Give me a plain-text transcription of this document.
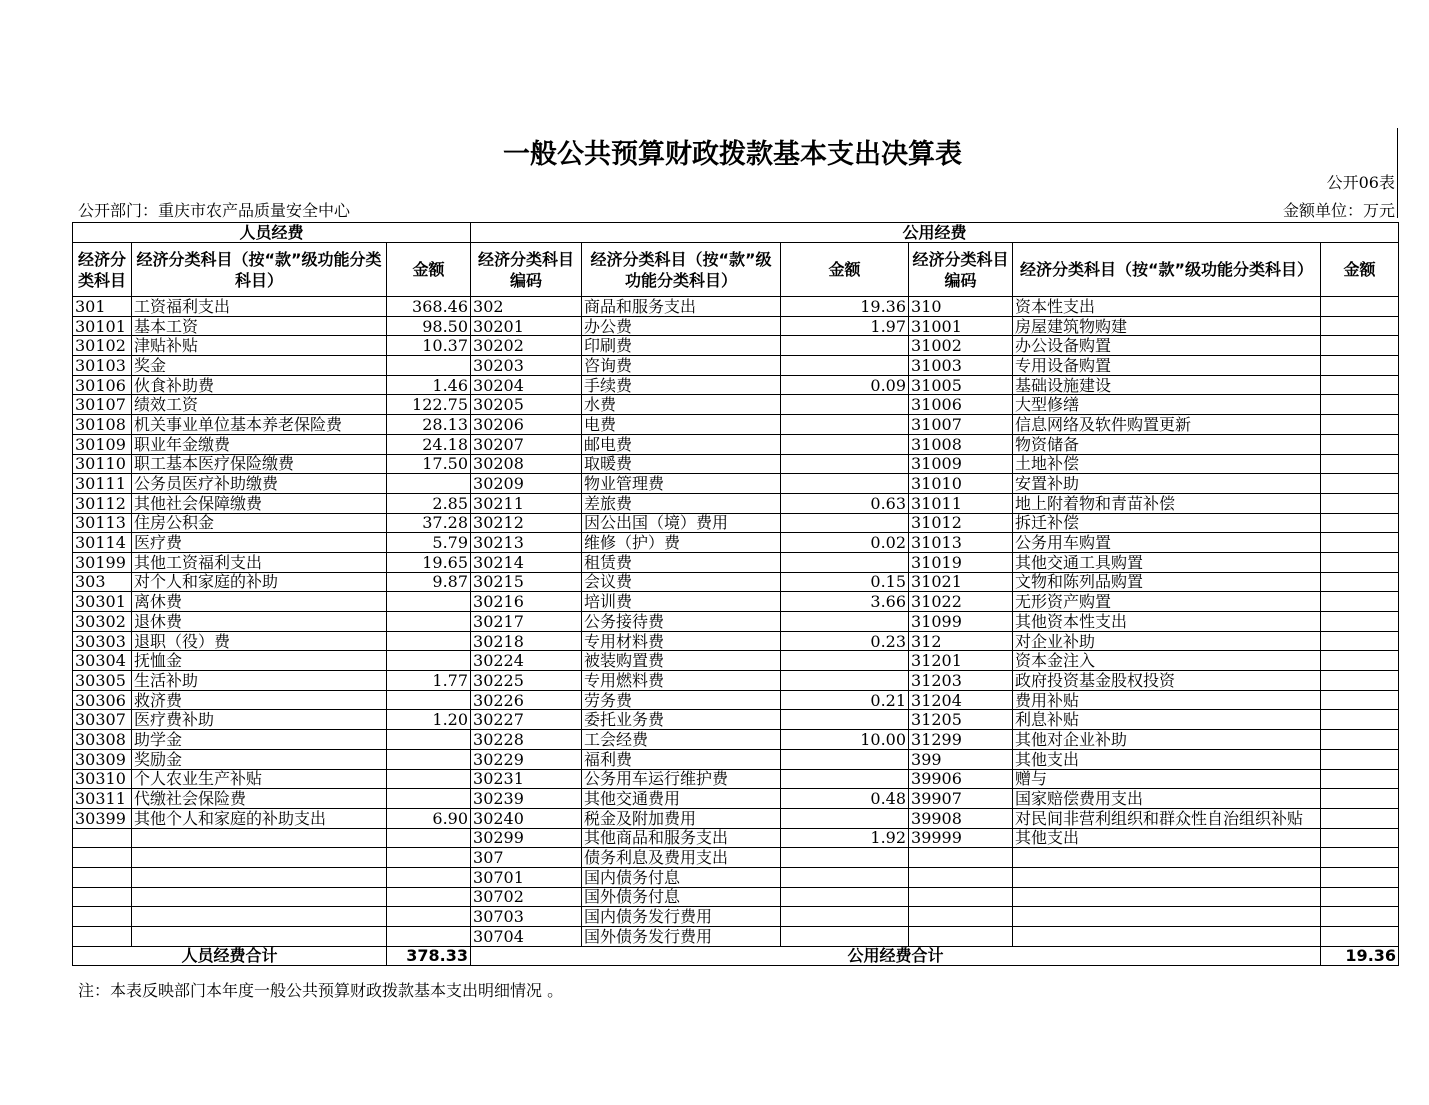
一般公共预算财政拨款基本支出决算表
公开06表
公开部门：重庆市农产品质量安全中心	金额单位：万元
人员经费			公用经费					
经济分类科目	经济分类科目（按“款”级功能分类科目）	金额	经济分类科目编码	经济分类科目（按“款”级功能分类科目）	金额	经济分类科目编码	经济分类科目（按“款”级功能分类科目）	金额
301	工资福利支出	368.46	302	商品和服务支出	19.36	310	资本性支出	
30101	基本工资	98.50	30201	办公费	1.97	31001	房屋建筑物购建	
30102	津贴补贴	10.37	30202	印刷费		31002	办公设备购置	
30103	奖金		30203	咨询费		31003	专用设备购置	
30106	伙食补助费	1.46	30204	手续费	0.09	31005	基础设施建设	
30107	绩效工资	122.75	30205	水费		31006	大型修缮	
30108	机关事业单位基本养老保险费	28.13	30206	电费		31007	信息网络及软件购置更新	
30109	职业年金缴费	24.18	30207	邮电费		31008	物资储备	
30110	职工基本医疗保险缴费	17.50	30208	取暖费		31009	土地补偿	
30111	公务员医疗补助缴费		30209	物业管理费		31010	安置补助	
30112	其他社会保障缴费	2.85	30211	差旅费	0.63	31011	地上附着物和青苗补偿	
30113	住房公积金	37.28	30212	因公出国（境）费用		31012	拆迁补偿	
30114	医疗费	5.79	30213	维修（护）费	0.02	31013	公务用车购置	
30199	其他工资福利支出	19.65	30214	租赁费		31019	其他交通工具购置	
303	对个人和家庭的补助	9.87	30215	会议费	0.15	31021	文物和陈列品购置	
30301	离休费		30216	培训费	3.66	31022	无形资产购置	
30302	退休费		30217	公务接待费		31099	其他资本性支出	
30303	退职（役）费		30218	专用材料费	0.23	312	对企业补助	
30304	抚恤金		30224	被装购置费		31201	资本金注入	
30305	生活补助	1.77	30225	专用燃料费		31203	政府投资基金股权投资	
30306	救济费		30226	劳务费	0.21	31204	费用补贴	
30307	医疗费补助	1.20	30227	委托业务费		31205	利息补贴	
30308	助学金		30228	工会经费	10.00	31299	其他对企业补助	
30309	奖励金		30229	福利费		399	其他支出	
30310	个人农业生产补贴		30231	公务用车运行维护费		39906	赠与	
30311	代缴社会保险费		30239	其他交通费用	0.48	39907	国家赔偿费用支出	
30399	其他个人和家庭的补助支出	6.90	30240	税金及附加费用		39908	对民间非营利组织和群众性自治组织补贴	
			30299	其他商品和服务支出	1.92	39999	其他支出	
			307	债务利息及费用支出				
			30701	国内债务付息				
			30702	国外债务付息				
			30703	国内债务发行费用				
			30704	国外债务发行费用				
人员经费合计		378.33	公用经费合计					19.36
注：本表反映部门本年度一般公共预算财政拨款基本支出明细情况 。
